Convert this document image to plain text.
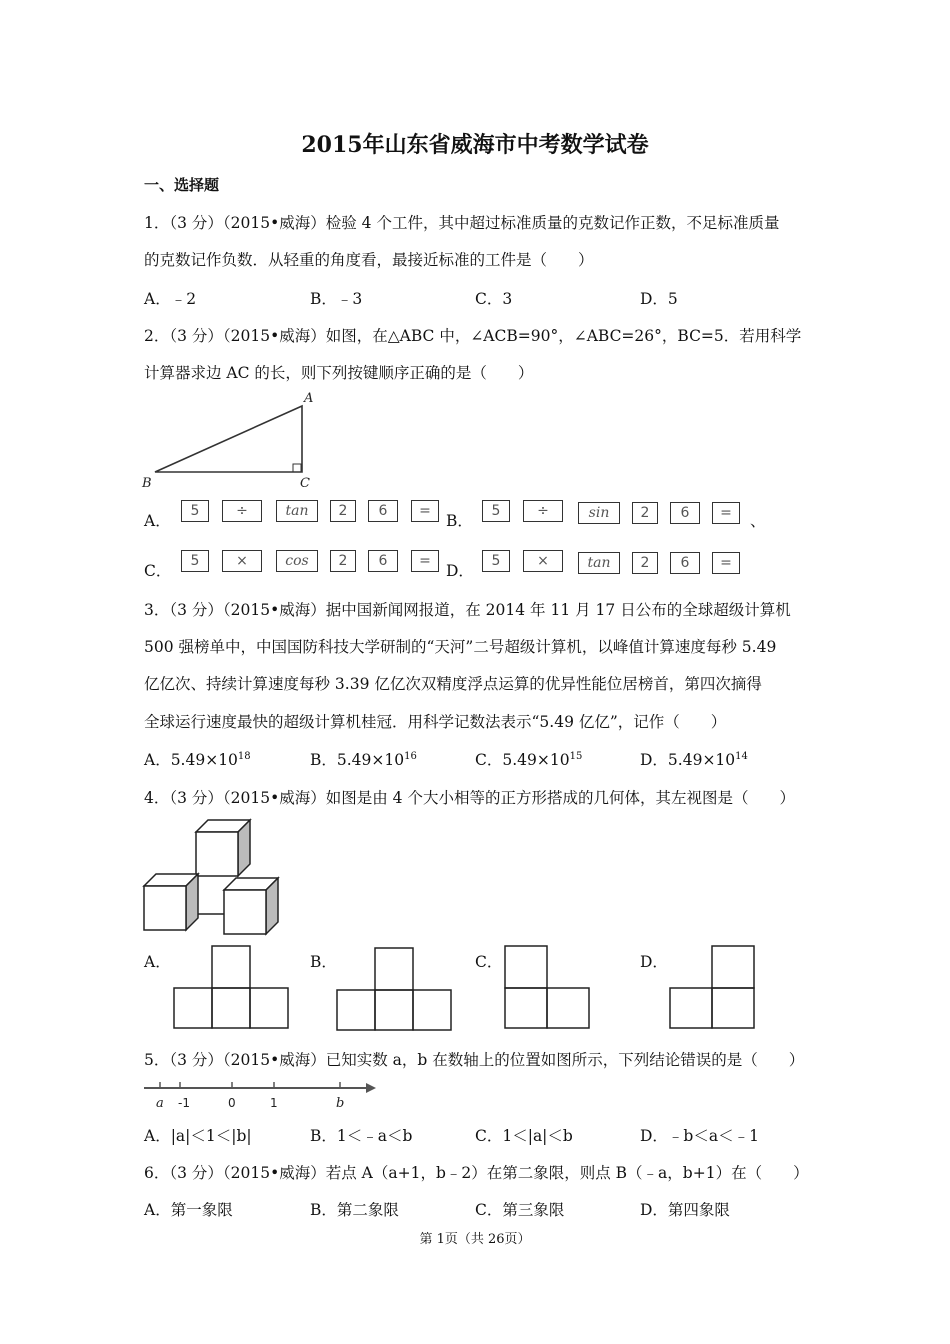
2015年山东省威海市中考数学试卷
一、选择题
1．（3 分）（2015•威海）检验 4 个工件，其中超过标准质量的克数记作正数，不足标准质量
的克数记作负数．从轻重的角度看，最接近标准的工件是（　　）
A．﹣2	B．﹣3	C．3	D．5
2．（3 分）（2015•威海）如图，在△ABC 中，∠ACB=90°，∠ABC=26°，BC=5．若用科学
计算器求边 AC 的长，则下列按键顺序正确的是（　　）
A
B	C
A．
5	÷	tan	2	6	=
B．
5	÷	sin	2	6	=	、
C．
5	×	cos	2	6	=
D．
5	×	tan	2	6	=
3．（3 分）（2015•威海）据中国新闻网报道，在 2014 年 11 月 17 日公布的全球超级计算机
500 强榜单中，中国国防科技大学研制的“天河”二号超级计算机，以峰值计算速度每秒 5.49
亿亿次、持续计算速度每秒 3.39 亿亿次双精度浮点运算的优异性能位居榜首，第四次摘得
全球运行速度最快的超级计算机桂冠．用科学记数法表示“5.49 亿亿”，记作（　　）
A．$5.49\times 10^{18}$	B．$5.49\times 10^{16}$	C．$5.49\times 10^{15}$	D．$5.49\times 10^{14}$
4．（3 分）（2015•威海）如图是由 4 个大小相等的正方形搭成的几何体，其左视图是（　　）
A．	B．	C．	D．
5．（3 分）（2015•威海）已知实数 a，b 在数轴上的位置如图所示，下列结论错误的是（　　）
a -1	0	1	b
A．|a|＜1＜|b|	B．1＜﹣a＜b	C．1＜|a|＜b	D．﹣b＜a＜﹣1
6．（3 分）（2015•威海）若点 A（a+1，b﹣2）在第二象限，则点 B（﹣a，b+1）在（　　）
A．第一象限	B．第二象限	C．第三象限	D．第四象限
第 1页（共 26页）
